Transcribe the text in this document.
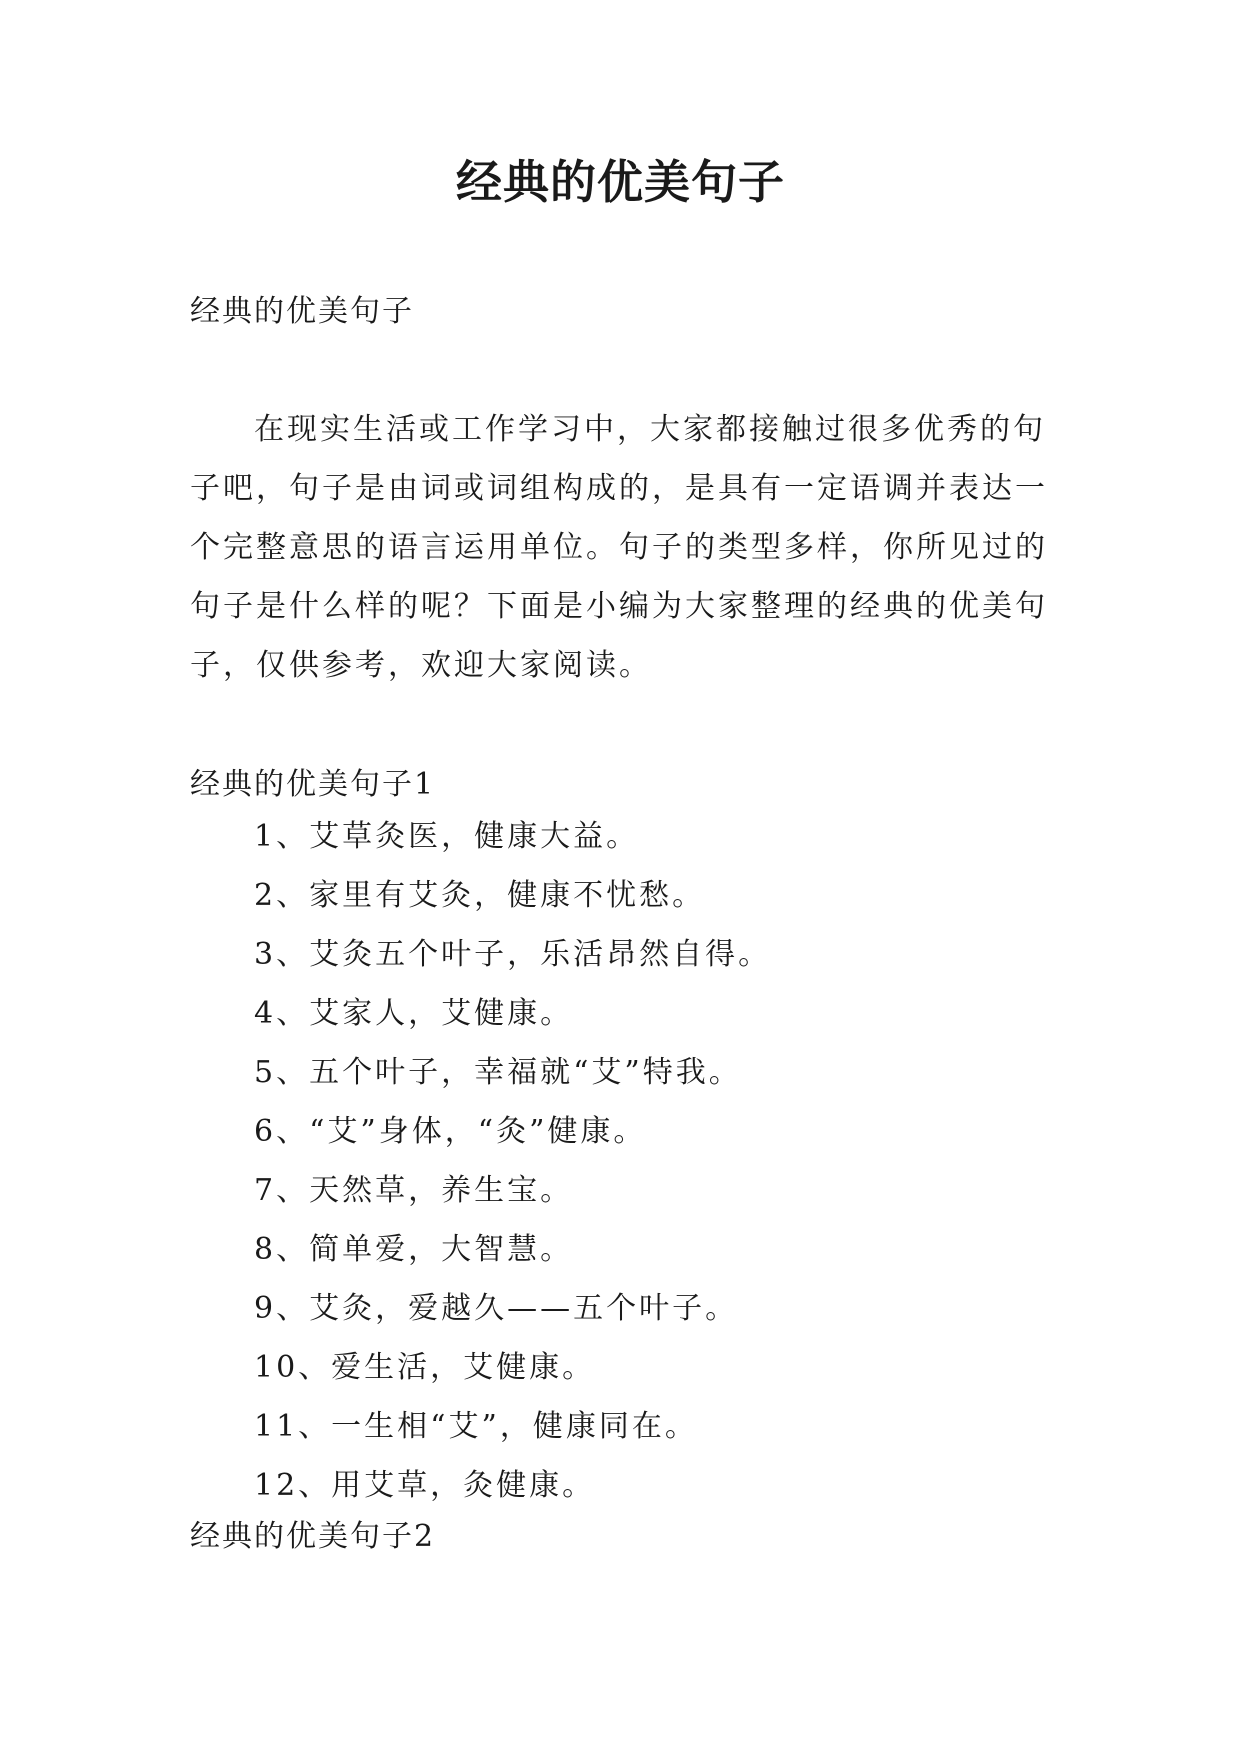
经典的优美句子

经典的优美句子

在现实生活或工作学习中，大家都接触过很多优秀的句子吧，句子是由词或词组构成的，是具有一定语调并表达一个完整意思的语言运用单位。句子的类型多样，你所见过的句子是什么样的呢？下面是小编为大家整理的经典的优美句子，仅供参考，欢迎大家阅读。

经典的优美句子1

1、艾草灸医，健康大益。
2、家里有艾灸，健康不忧愁。
3、艾灸五个叶子，乐活昂然自得。
4、艾家人，艾健康。
5、五个叶子，幸福就“艾”特我。
6、“艾”身体，“灸”健康。
7、天然草，养生宝。
8、简单爱，大智慧。
9、艾灸，爱越久——五个叶子。
10、爱生活，艾健康。
11、一生相“艾”，健康同在。
12、用艾草，灸健康。

经典的优美句子2
